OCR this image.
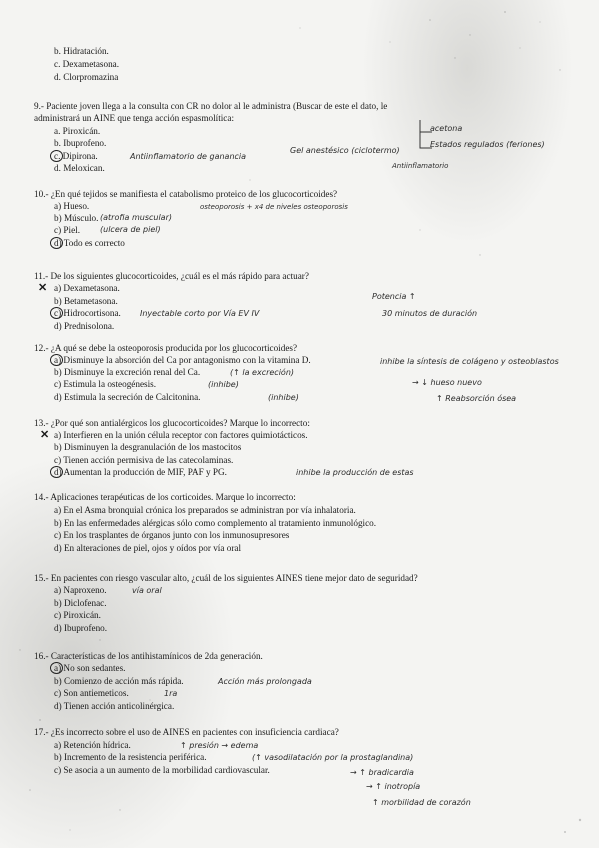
b. Hidratación.
c. Dexametasona.
d. Clorpromazina
9.- Paciente joven llega a la consulta con CR no dolor al le administra (Buscar de este el dato, le
administrará un AINE que tenga acción espasmolítica:
a. Piroxicán.
b. Ibuprofeno.
c. Dipirona.
d. Meloxican.
acetona
Estados regulados (feriones)
Antiinflamatorio
Gel anestésico (ciclotermo)
Antiinflamatorio de ganancia
10.- ¿En qué tejidos se manifiesta el catabolismo proteico de los glucocorticoides?
a) Hueso.
b) Músculo.
c) Piel.
d) Todo es correcto
(atrofia muscular)
(ulcera de piel)
osteoporosis + x4 de niveles osteoporosis
11.- De los siguientes glucocorticoides, ¿cuál es el más rápido para actuar?
a) Dexametasona.
✕
b) Betametasona.
c) Hidrocortisona.
d) Prednisolona.
Inyectable corto por Vía EV IV
Potencia ↑
30 minutos de duración
12.- ¿A qué se debe la osteoporosis producida por los glucocorticoides?
a) Disminuye la absorción del Ca por antagonismo con la vitamina D.
b) Disminuye la excreción renal del Ca.
c) Estimula la osteogénesis.
d) Estimula la secreción de Calcitonina.
(↑ la excreción)
(inhibe)
(inhibe)
inhibe la síntesis de colágeno y osteoblastos
→ ↓ hueso nuevo
↑ Reabsorción ósea
13.- ¿Por qué son antialérgicos los glucocorticoides? Marque lo incorrecto:
a) Interfieren en la unión célula receptor con factores quimiotácticos.
✕
b) Disminuyen la desgranulación de los mastocitos
c) Tienen acción permisiva de las catecolaminas.
d) Aumentan la producción de MIF, PAF y PG.	inhibe la producción de estas
14.- Aplicaciones terapéuticas de los corticoides. Marque lo incorrecto:
a) En el Asma bronquial crónica los preparados se administran por vía inhalatoria.
b) En las enfermedades alérgicas sólo como complemento al tratamiento inmunológico.
c) En los trasplantes de órganos junto con los inmunosupresores
d) En alteraciones de piel, ojos y oídos por vía oral
15.- En pacientes con riesgo vascular alto, ¿cuál de los siguientes AINES tiene mejor dato de seguridad?
a) Naproxeno.
b) Diclofenac.
c) Piroxicán.
d) Ibuprofeno.
vía oral
16.- Características de los antihistamínicos de 2da generación.
a) No son sedantes.
b) Comienzo de acción más rápida.
c) Son antiemeticos.
d) Tienen acción anticolinérgica.
Acción más prolongada
1ra
17.- ¿Es incorrecto sobre el uso de AINES en pacientes con insuficiencia cardiaca?
a) Retención hídrica.
b) Incremento de la resistencia periférica.
c) Se asocia a un aumento de la morbilidad cardiovascular.
↑ presión → edema
(↑ vasodilatación por la prostaglandina)
→ ↑ bradicardia
→ ↑ inotropía
↑ morbilidad de corazón
